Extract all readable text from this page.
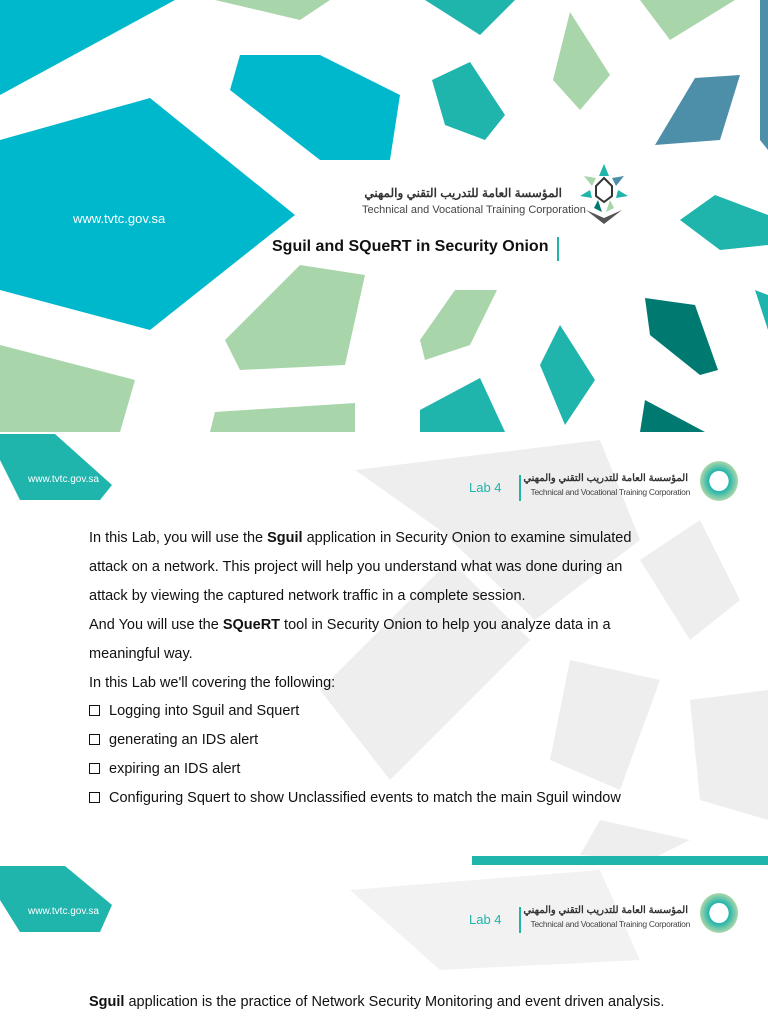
www.tvtc.gov.sa
المؤسسة العامة للتدريب التقني والمهني
Technical and Vocational Training Corporation
Sguil and SQueRT in Security Onion
www.tvtc.gov.sa
Lab 4
المؤسسة العامة للتدريب التقني والمهني
Technical and Vocational Training Corporation
In this Lab, you will use the Sguil application in Security Onion to examine simulated
attack on a network. This project will help you understand what was done during an
attack by viewing the captured network traffic in a complete session.
And You will use the SQueRT tool in Security Onion to help you analyze data in a
meaningful way.
In this Lab we'll covering the following:
Logging into Sguil and Squert
generating an IDS alert
expiring an IDS alert
Configuring Squert to show Unclassified events to match the main Sguil window
www.tvtc.gov.sa
Lab 4
المؤسسة العامة للتدريب التقني والمهني
Technical and Vocational Training Corporation
Sguil application is the practice of Network Security Monitoring and event driven analysis.
